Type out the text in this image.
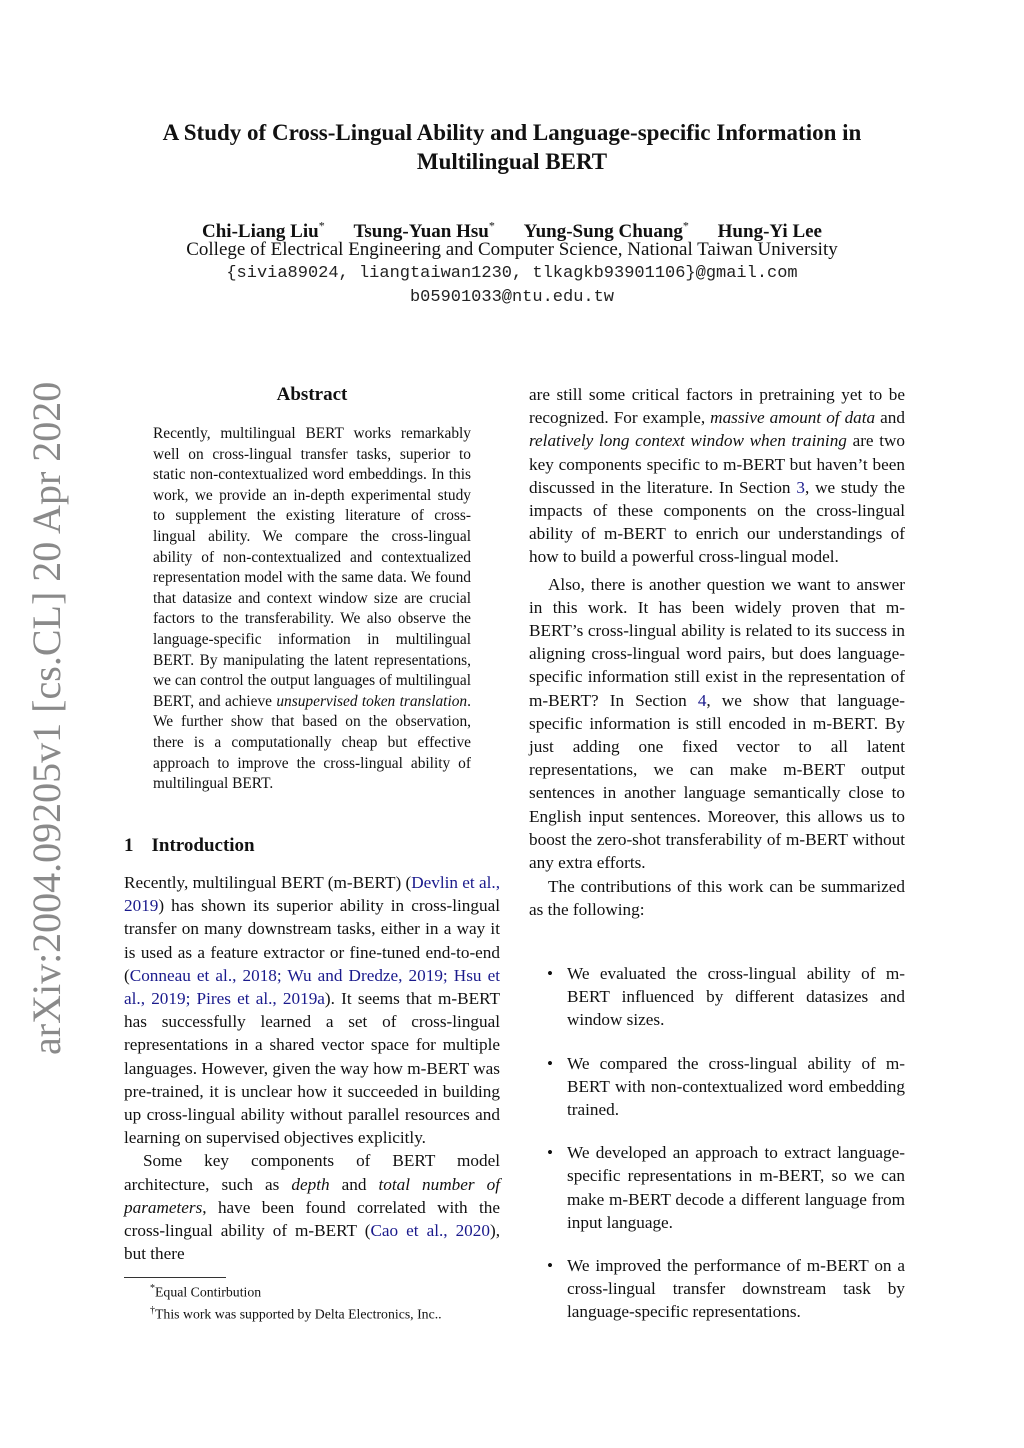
arXiv:2004.09205v1 [cs.CL] 20 Apr 2020
A Study of Cross-Lingual Ability and Language-specific Information in Multilingual BERT
Chi-Liang Liu* Tsung-Yuan Hsu* Yung-Sung Chuang* Hung-Yi Lee
College of Electrical Engineering and Computer Science, National Taiwan University
{sivia89024, liangtaiwan1230, tlkagkb93901106}@gmail.com
b05901033@ntu.edu.tw
Abstract

Recently, multilingual BERT works remarkably well on cross-lingual transfer tasks, superior to static non-contextualized word embeddings. In this work, we provide an in-depth experimental study to supplement the existing literature of cross-lingual ability. We compare the cross-lingual ability of non-contextualized and contextualized representation model with the same data. We found that datasize and context window size are crucial factors to the transferability. We also observe the language-specific information in multilingual BERT. By manipulating the latent representations, we can control the output languages of multilingual BERT, and achieve unsupervised token translation. We further show that based on the observation, there is a computationally cheap but effective approach to improve the cross-lingual ability of multilingual BERT.

1 Introduction

Recently, multilingual BERT (m-BERT) (Devlin et al., 2019) has shown its superior ability in cross-lingual transfer on many downstream tasks, either in a way it is used as a feature extractor or fine-tuned end-to-end (Conneau et al., 2018; Wu and Dredze, 2019; Hsu et al., 2019; Pires et al., 2019a). It seems that m-BERT has successfully learned a set of cross-lingual representations in a shared vector space for multiple languages. However, given the way how m-BERT was pre-trained, it is unclear how it succeeded in building up cross-lingual ability without parallel resources and learning on supervised objectives explicitly.

Some key components of BERT model architecture, such as depth and total number of parameters, have been found correlated with the cross-lingual ability of m-BERT (Cao et al., 2020), but there

*Equal Contirbution
†This work was supported by Delta Electronics, Inc..

are still some critical factors in pretraining yet to be recognized. For example, massive amount of data and relatively long context window when training are two key components specific to m-BERT but haven’t been discussed in the literature. In Section 3, we study the impacts of these components on the cross-lingual ability of m-BERT to enrich our understandings of how to build a powerful cross-lingual model.

Also, there is another question we want to answer in this work. It has been widely proven that m-BERT’s cross-lingual ability is related to its success in aligning cross-lingual word pairs, but does language-specific information still exist in the representation of m-BERT? In Section 4, we show that language-specific information is still encoded in m-BERT. By just adding one fixed vector to all latent representations, we can make m-BERT output sentences in another language semantically close to English input sentences. Moreover, this allows us to boost the zero-shot transferability of m-BERT without any extra efforts.

The contributions of this work can be summarized as the following:

• We evaluated the cross-lingual ability of m-BERT influenced by different datasizes and window sizes.
• We compared the cross-lingual ability of m-BERT with non-contextualized word embedding trained.
• We developed an approach to extract language-specific representations in m-BERT, so we can make m-BERT decode a different language from input language.
• We improved the performance of m-BERT on a cross-lingual transfer downstream task by language-specific representations.
